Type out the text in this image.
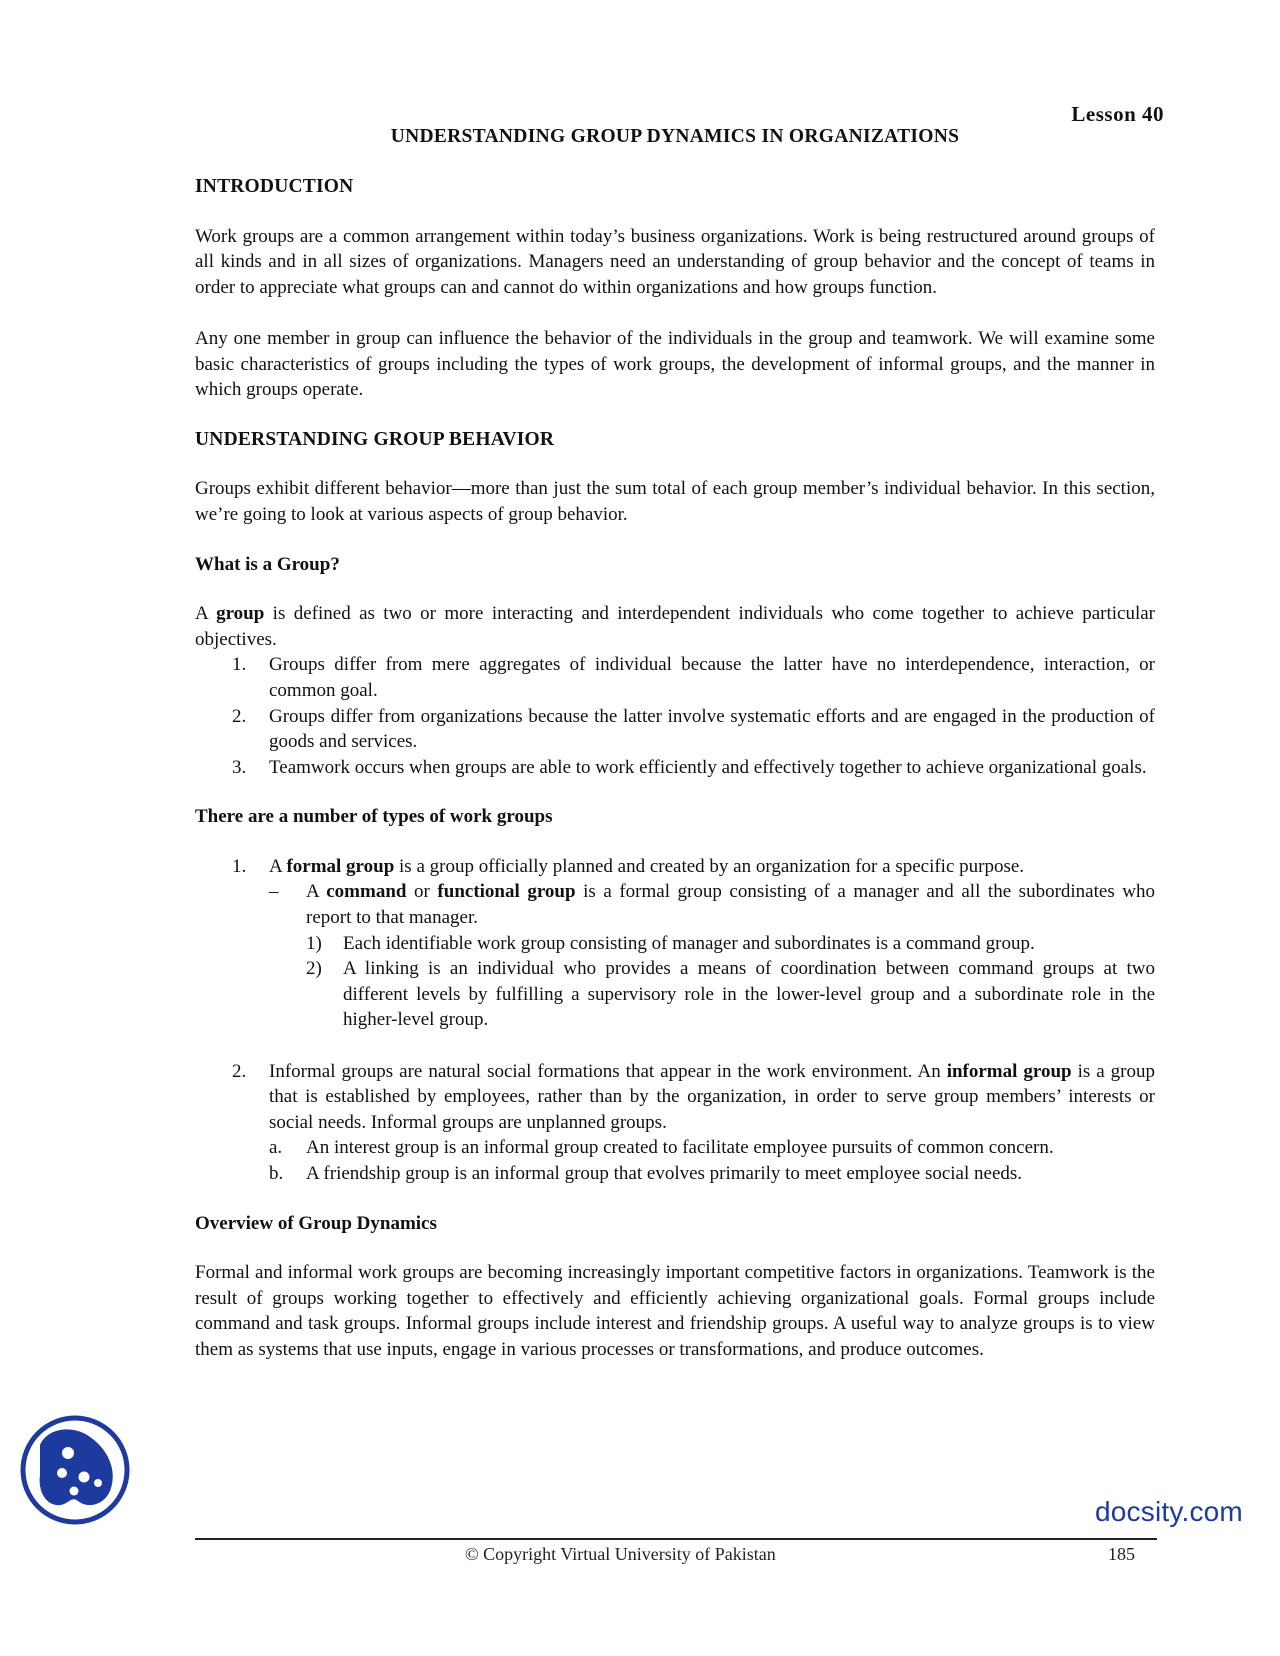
Lesson 40
UNDERSTANDING GROUP DYNAMICS IN ORGANIZATIONS
INTRODUCTION

Work groups are a common arrangement within today’s business organizations. Work is being restructured around groups of all kinds and in all sizes of organizations. Managers need an understanding of group behavior and the concept of teams in order to appreciate what groups can and cannot do within organizations and how groups function.

Any one member in group can influence the behavior of the individuals in the group and teamwork. We will examine some basic characteristics of groups including the types of work groups, the development of informal groups, and the manner in which groups operate.

UNDERSTANDING GROUP BEHAVIOR

Groups exhibit different behavior—more than just the sum total of each group member’s individual behavior. In this section, we’re going to look at various aspects of group behavior.

What is a Group?

A group is defined as two or more interacting and interdependent individuals who come together to achieve particular objectives.

1. Groups differ from mere aggregates of individual because the latter have no interdependence, interaction, or common goal.
2. Groups differ from organizations because the latter involve systematic efforts and are engaged in the production of goods and services.
3. Teamwork occurs when groups are able to work efficiently and effectively together to achieve organizational goals.
There are a number of types of work groups
1. A formal group is a group officially planned and created by an organization for a specific purpose.
– A command or functional group is a formal group consisting of a manager and all the subordinates who report to that manager.
1) Each identifiable work group consisting of manager and subordinates is a command group.
2) A linking is an individual who provides a means of coordination between command groups at two different levels by fulfilling a supervisory role in the lower-level group and a subordinate role in the higher-level group.
2. Informal groups are natural social formations that appear in the work environment. An informal group is a group that is established by employees, rather than by the organization, in order to serve group members’ interests or social needs. Informal groups are unplanned groups.
a. An interest group is an informal group created to facilitate employee pursuits of common concern.
b. A friendship group is an informal group that evolves primarily to meet employee social needs.
Overview of Group Dynamics

Formal and informal work groups are becoming increasingly important competitive factors in organizations. Teamwork is the result of groups working together to effectively and efficiently achieving organizational goals. Formal groups include command and task groups. Informal groups include interest and friendship groups. A useful way to analyze groups is to view them as systems that use inputs, engage in various processes or transformations, and produce outcomes.

© Copyright Virtual University of Pakistan	185
docsity.com
